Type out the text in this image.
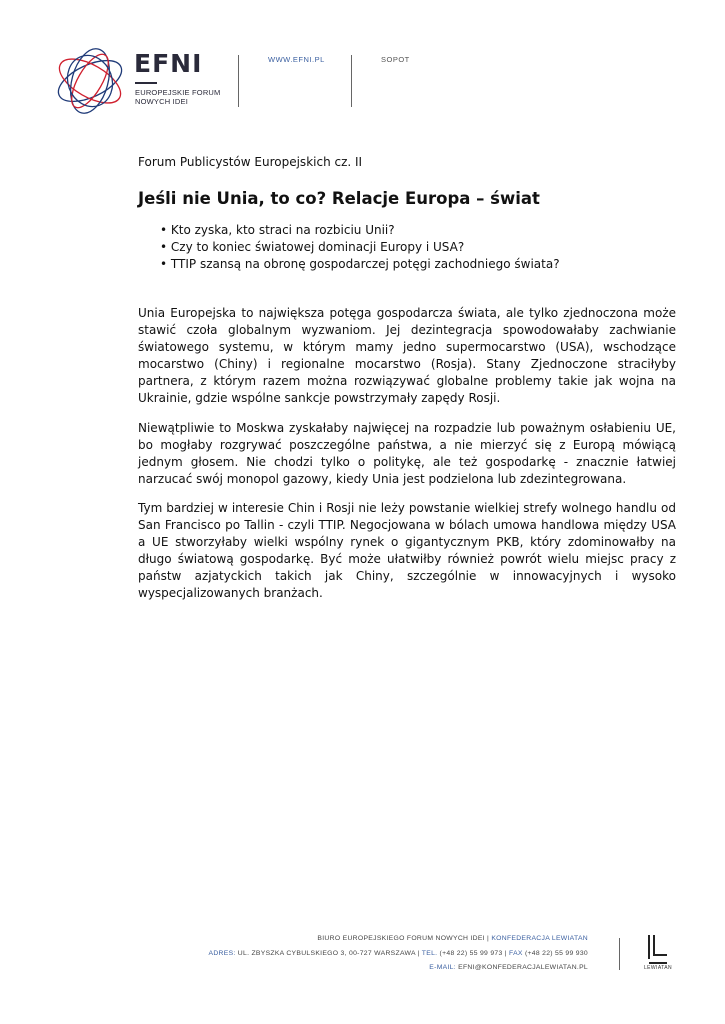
EFNI
EUROPEJSKIE FORUM
NOWYCH IDEI
WWW.EFNI.PL	SOPOT
Forum Publicystów Europejskich cz. II
Jeśli nie Unia, to co? Relacje Europa – świat
• Kto zyska, kto straci na rozbiciu Unii?
• Czy to koniec światowej dominacji Europy i USA?
• TTIP szansą na obronę gospodarczej potęgi zachodniego świata?

Unia Europejska to największa potęga gospodarcza świata, ale tylko zjednoczona może stawić czoła globalnym wyzwaniom. Jej dezintegracja spowodowałaby zachwianie światowego systemu, w którym mamy jedno supermocarstwo (USA), wschodzące mocarstwo (Chiny) i regionalne mocarstwo (Rosja). Stany Zjednoczone straciłyby partnera, z którym razem można rozwiązywać globalne problemy takie jak wojna na Ukrainie, gdzie wspólne sankcje powstrzymały zapędy Rosji.

Niewątpliwie to Moskwa zyskałaby najwięcej na rozpadzie lub poważnym osłabieniu UE, bo mogłaby rozgrywać poszczególne państwa, a nie mierzyć się z Europą mówiącą jednym głosem. Nie chodzi tylko o politykę, ale też gospodarkę - znacznie łatwiej narzucać swój monopol gazowy, kiedy Unia jest podzielona lub zdezintegrowana.

Tym bardziej w interesie Chin i Rosji nie leży powstanie wielkiej strefy wolnego handlu od San Francisco po Tallin - czyli TTIP. Negocjowana w bólach umowa handlowa między USA a UE stworzyłaby wielki wspólny rynek o gigantycznym PKB, który zdominowałby na długo światową gospodarkę. Być może ułatwiłby również powrót wielu miejsc pracy z państw azjatyckich takich jak Chiny, szczególnie w innowacyjnych i wysoko wyspecjalizowanych branżach.

BIURO EUROPEJSKIEGO FORUM NOWYCH IDEI | KONFEDERACJA LEWIATAN
ADRES: UL. ZBYSZKA CYBULSKIEGO 3, 00-727 WARSZAWA | TEL. (+48 22) 55 99 973 | FAX (+48 22) 55 99 930
E-MAIL: EFNI@KONFEDERACJALEWIATAN.PL	LEWIATAN
